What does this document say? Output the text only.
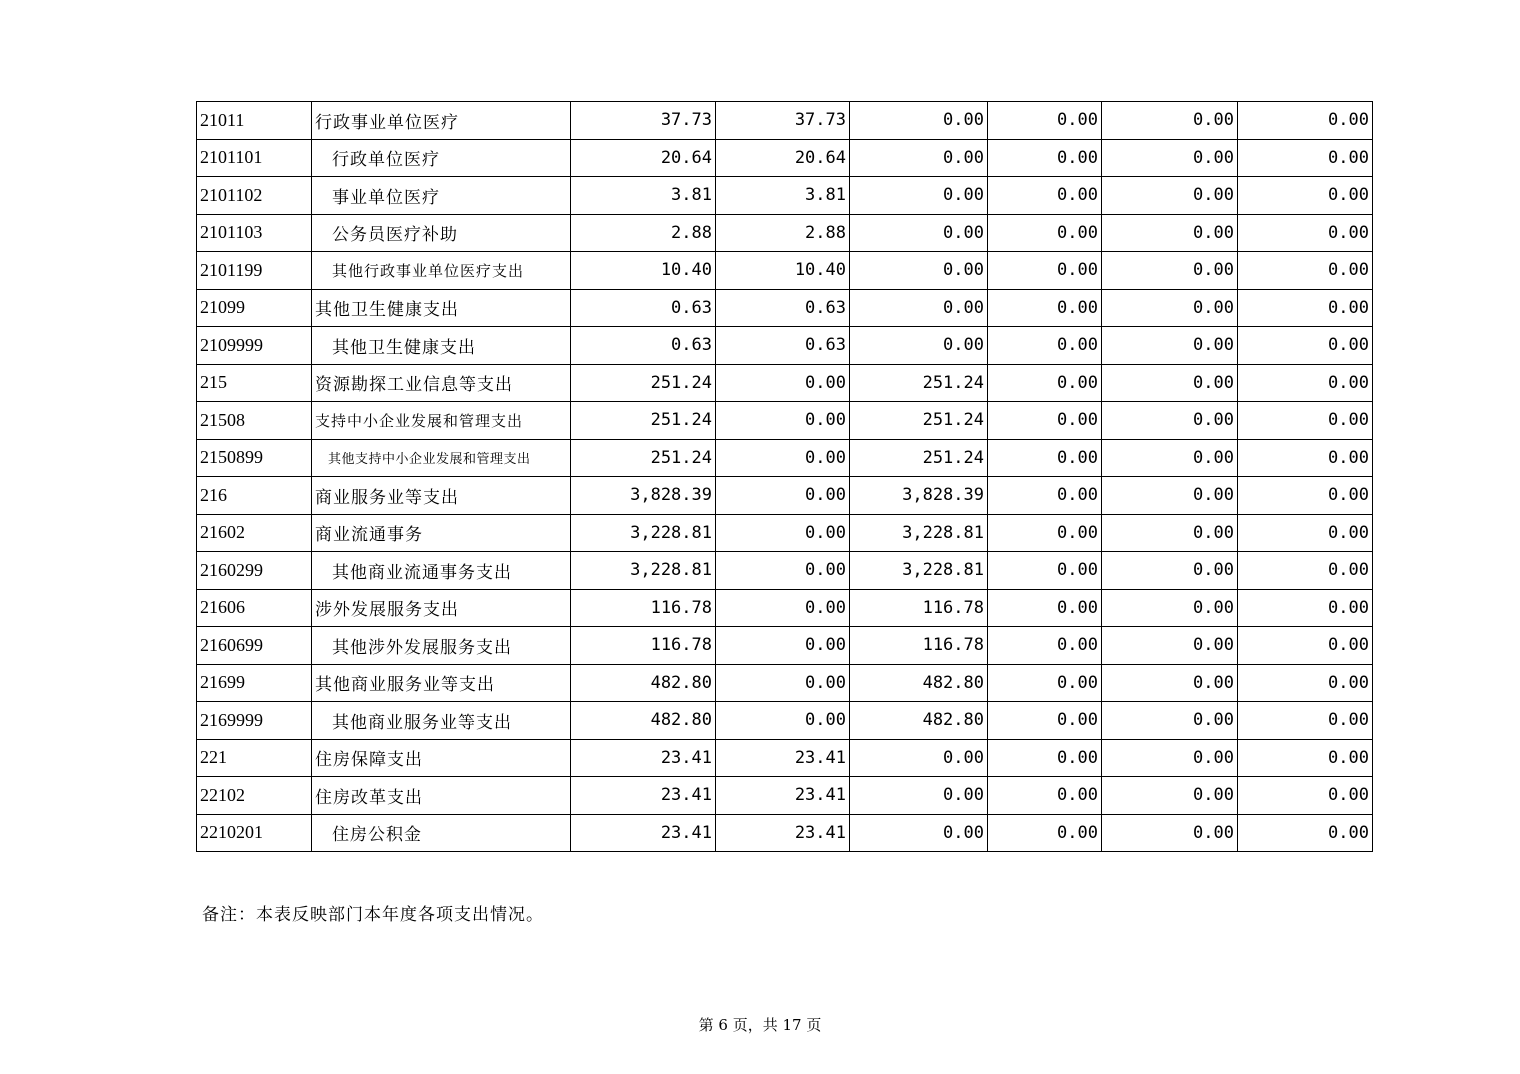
21011	行政事业单位医疗	37.73	37.73	0.00	0.00	0.00	0.00
2101101	行政单位医疗	20.64	20.64	0.00	0.00	0.00	0.00
2101102	事业单位医疗	3.81	3.81	0.00	0.00	0.00	0.00
2101103	公务员医疗补助	2.88	2.88	0.00	0.00	0.00	0.00
2101199	其他行政事业单位医疗支出	10.40	10.40	0.00	0.00	0.00	0.00
21099	其他卫生健康支出	0.63	0.63	0.00	0.00	0.00	0.00
2109999	其他卫生健康支出	0.63	0.63	0.00	0.00	0.00	0.00
215	资源勘探工业信息等支出	251.24	0.00	251.24	0.00	0.00	0.00
21508	支持中小企业发展和管理支出	251.24	0.00	251.24	0.00	0.00	0.00
2150899	其他支持中小企业发展和管理支出	251.24	0.00	251.24	0.00	0.00	0.00
216	商业服务业等支出	3,828.39	0.00	3,828.39	0.00	0.00	0.00
21602	商业流通事务	3,228.81	0.00	3,228.81	0.00	0.00	0.00
2160299	其他商业流通事务支出	3,228.81	0.00	3,228.81	0.00	0.00	0.00
21606	涉外发展服务支出	116.78	0.00	116.78	0.00	0.00	0.00
2160699	其他涉外发展服务支出	116.78	0.00	116.78	0.00	0.00	0.00
21699	其他商业服务业等支出	482.80	0.00	482.80	0.00	0.00	0.00
2169999	其他商业服务业等支出	482.80	0.00	482.80	0.00	0.00	0.00
221	住房保障支出	23.41	23.41	0.00	0.00	0.00	0.00
22102	住房改革支出	23.41	23.41	0.00	0.00	0.00	0.00
2210201	住房公积金	23.41	23.41	0.00	0.00	0.00	0.00
备注：本表反映部门本年度各项支出情况。
第 6 页，共 17 页
